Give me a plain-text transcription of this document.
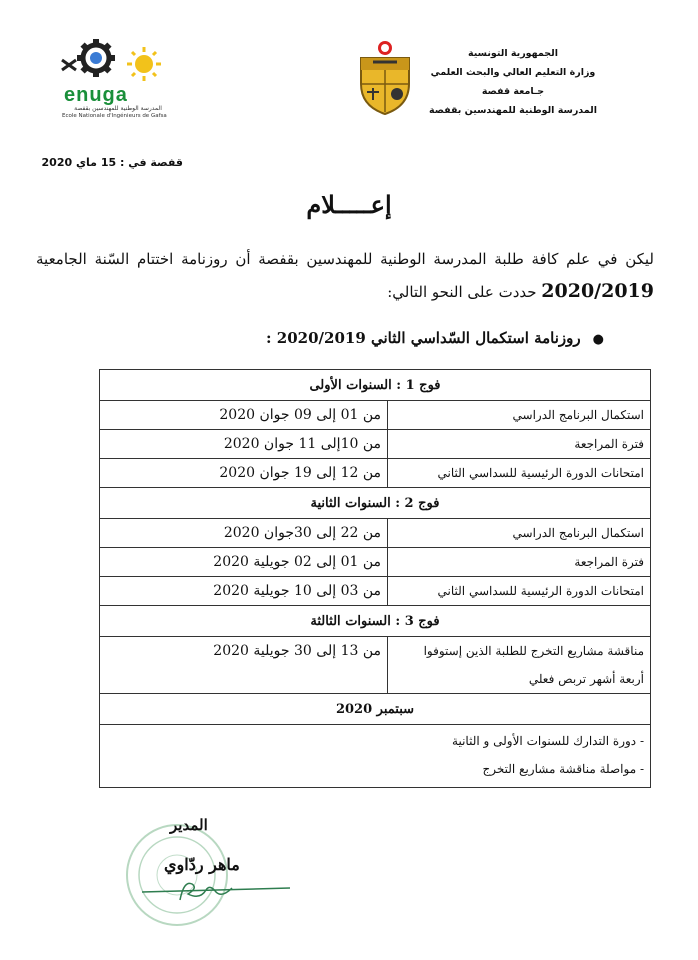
enuga
المدرسة الوطنية للمهندسين بقفصة
Ecole Nationale d'Ingénieurs de Gafsa
الجمهورية التونسية
وزارة التعليم العالي والبحث العلمي
جـامعة قفصة
المدرسة الوطنية للمهندسين بقفصة
قفصة في : 15 ماي 2020
إعـــــلام
ليكن في علم كافة طلبة المدرسة الوطنية للمهندسين بقفصة أن روزنامة اختتام السّنة الجامعية 2020/2019 حددت على النحو التالي:
●روزنامة استكمال السّداسي الثاني 2020/2019 :
فوج 1 : السنوات الأولى	
استكمال البرنامج الدراسي	من 01 إلى 09 جوان 2020
فترة المراجعة	من 10إلى 11 جوان 2020
امتحانات الدورة الرئيسية للسداسي الثاني	من 12 إلى 19 جوان 2020
فوج 2 : السنوات الثانية	
استكمال البرنامج الدراسي	من 22 إلى 30جوان 2020
فترة المراجعة	من 01 إلى 02 جويلية 2020
امتحانات الدورة الرئيسية للسداسي الثاني	من 03 إلى 10 جويلية 2020
فوج 3 : السنوات الثالثة	

مناقشة مشاريع التخرج للطلبة الذين إستوفوا
أربعة أشهر تربص فعلي	من 13 إلى 30 جويلية 2020
سبتمبر 2020	

- دورة التدارك للسنوات الأولى و الثانية
- مواصلة مناقشة مشاريع التخرج	
المدير
ماهر ردّاوي
